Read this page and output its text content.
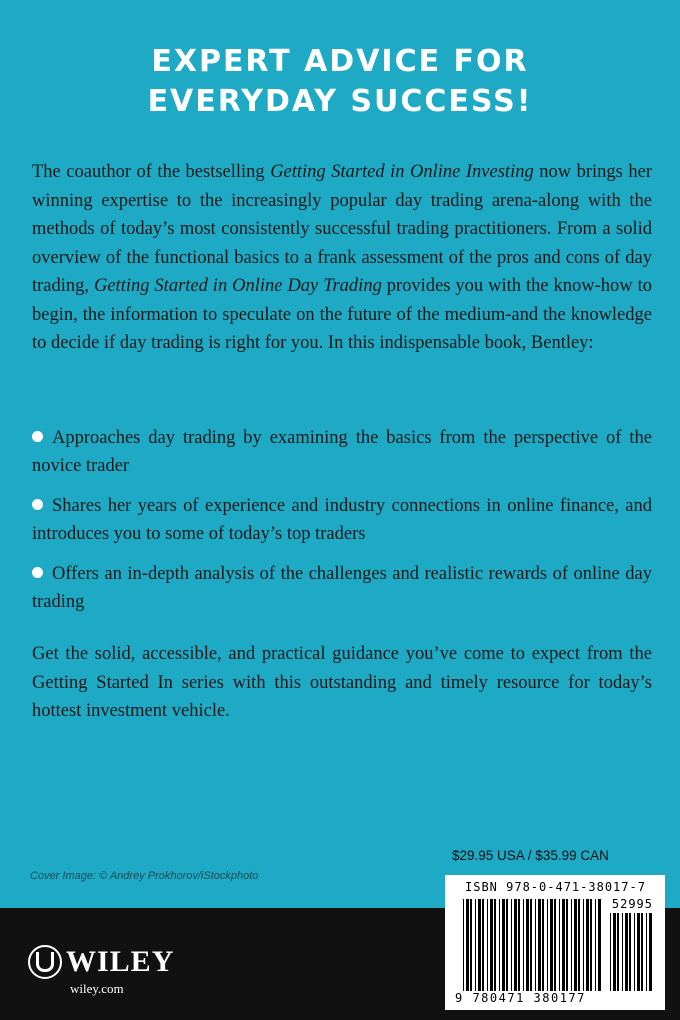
EXPERT ADVICE FOR
EVERYDAY SUCCESS!

The coauthor of the bestselling Getting Started in Online Investing now brings her winning expertise to the increasingly popular day trading arena-along with the methods of today’s most consistently successful trading practitioners. From a solid overview of the functional basics to a frank assessment of the pros and cons of day trading, Getting Started in Online Day Trading provides you with the know-how to begin, the information to speculate on the future of the medium-and the knowledge to decide if day trading is right for you. In this indispensable book, Bentley:

Approaches day trading by examining the basics from the perspective of the novice trader
Shares her years of experience and industry connections in online finance, and introduces you to some of today’s top traders
Offers an in-depth analysis of the challenges and realistic rewards of online day trading

Get the solid, accessible, and practical guidance you’ve come to expect from the Getting Started In series with this outstanding and timely resource for today’s hottest investment vehicle.

$29.95 USA / $35.99 CAN
Cover Image: © Andrey Prokhorov/iStockphoto
WILEY
wiley.com
ISBN 978-0-471-38017-7
52995
9 780471 380177
